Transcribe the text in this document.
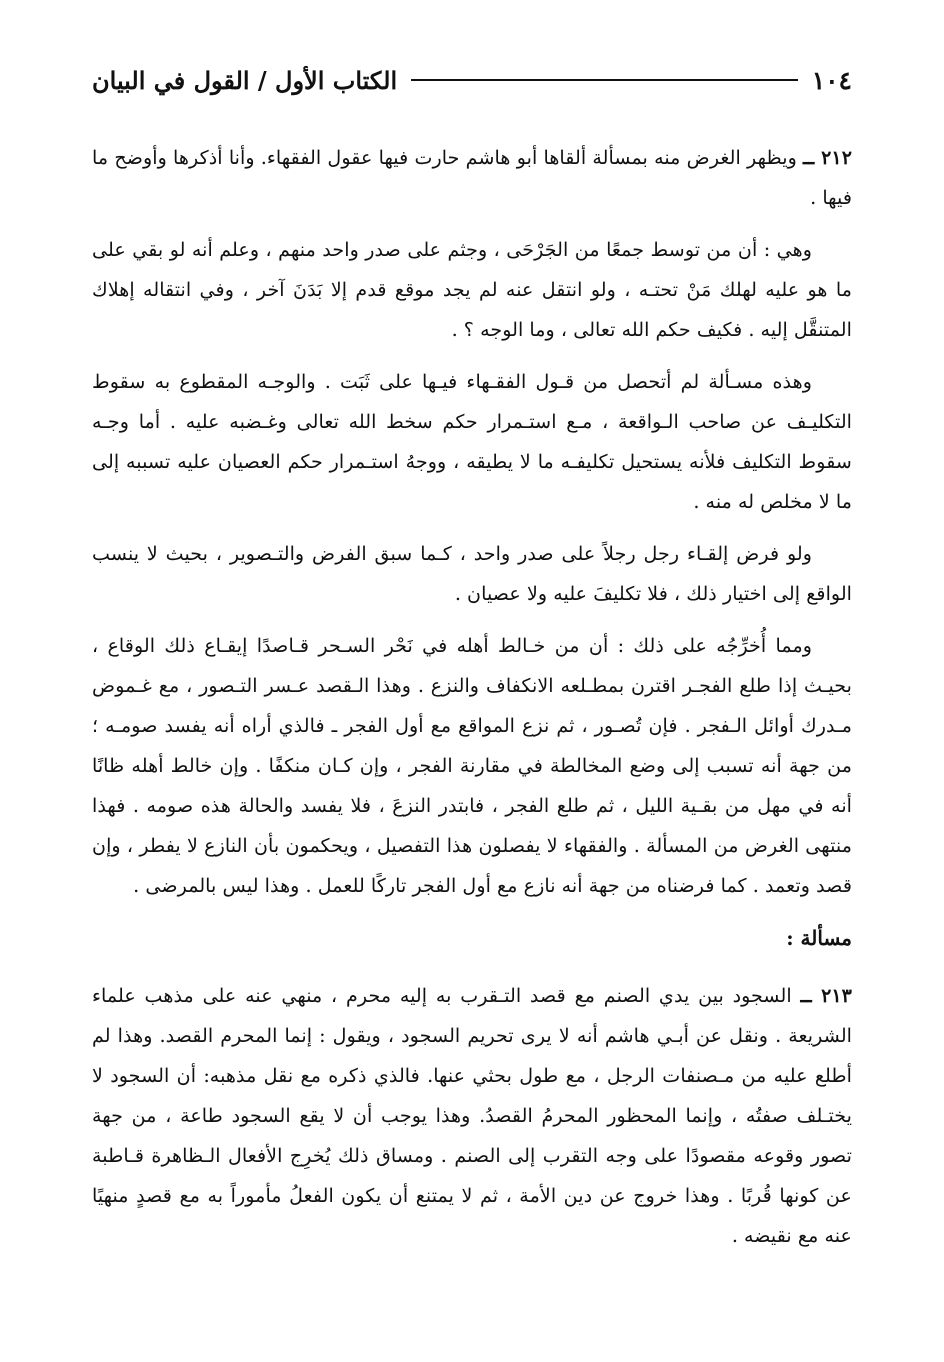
١٠٤
الكتاب الأول / القول في البيان

٢١٢ ــ ويظهر الغرض منه بمسألة ألقاها أبو هاشم حارت فيها عقول الفقهاء. وأنا أذكرها وأوضح ما فيها .

وهي : أن من توسط جمعًا من الجَرْحَى ، وجثم على صدر واحد منهم ، وعلم أنه لو بقي على ما هو عليه لهلك مَنْ تحتـه ، ولو انتقل عنه لم يجد موقع قدم إلا بَدَنَ آخر ، وفي انتقاله إهلاك المتنقَّل إليه . فكيف حكم الله تعالى ، وما الوجه ؟ .

وهذه مسـألة لم أتحصل من قـول الفقـهاء فيـها على ثَبَت . والوجـه المقطوع به سقوط التكليـف عن صاحب الـواقعة ، مـع استـمرار حكم سخط الله تعالى وغـضبه عليه . أما وجـه سقوط التكليف فلأنه يستحيل تكليفـه ما لا يطيقه ، ووجهُ استـمرار حكم العصيان عليه تسببه إلى ما لا مخلص له منه .

ولو فرض إلقـاء رجل رجلاً على صدر واحد ، كـما سبق الفرض والتـصوير ، بحيث لا ينسب الواقع إلى اختيار ذلك ، فلا تكليفَ عليه ولا عصيان .

ومما أُخرِّجُه على ذلك : أن من خـالط أهله في نَحْر السـحر قـاصدًا إيقـاع ذلك الوقاع ، بحيـث إذا طلع الفجـر اقترن بمطـلعه الانكفاف والنزع . وهذا الـقصد عـسر التـصور ، مع غـموض مـدرك أوائل الـفجر . فإن تُصـور ، ثم نزع المواقع مع أول الفجر ـ فالذي أراه أنه يفسد صومـه ؛ من جهة أنه تسبب إلى وضع المخالطة في مقارنة الفجر ، وإن كـان منكفًا . وإن خالط أهله ظانًا أنه في مهل من بقـية الليل ، ثم طلع الفجر ، فابتدر النزعَ ، فلا يفسد والحالة هذه صومه . فهذا منتهى الغرض من المسألة . والفقهاء لا يفصلون هذا التفصيل ، ويحكمون بأن النازع لا يفطر ، وإن قصد وتعمد . كما فرضناه من جهة أنه نازع مع أول الفجر تاركًا للعمل . وهذا ليس بالمرضى .

مسألة :

٢١٣ ــ السجود بين يدي الصنم مع قصد التـقرب به إليه محرم ، منهي عنه على مذهب علماء الشريعة . ونقل عن أبـي هاشم أنه لا يرى تحريم السجود ، ويقول : إنما المحرم القصد. وهذا لم أطلع عليه من مـصنفات الرجل ، مع طول بحثي عنها. فالذي ذكره مع نقل مذهبه: أن السجود لا يختـلف صفتُه ، وإنما المحظور المحرمُ القصدُ. وهذا يوجب أن لا يقع السجود طاعة ، من جهة تصور وقوعه مقصودًا على وجه التقرب إلى الصنم . ومساق ذلك يُخرِج الأفعال الـظاهرة قـاطبة عن كونها قُربًا . وهذا خروج عن دين الأمة ، ثم لا يمتنع أن يكون الفعلُ مأموراً به مع قصدٍ منهيًا عنه مع نقيضه .
